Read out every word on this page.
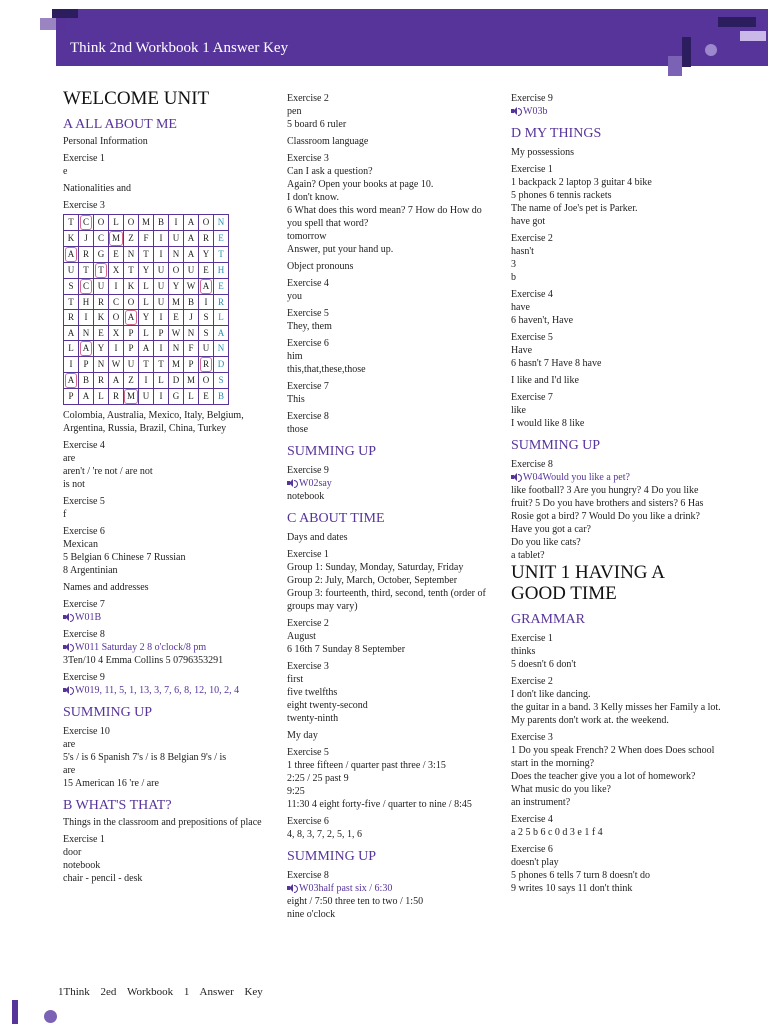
Think 2nd Workbook 1 Answer Key
WELCOME UNIT
A ALL ABOUT ME
Personal Information
Exercise 1
e
Nationalities and
Exercise 3
T	C	O	L	O	M	B	I	A	O	N
K	J	C	M	Z	F	I	U	A	R	E
A	R	G	E	N	T	I	N	A	Y	T
U	T	T	X	T	Y	U	O	U	E	H
S	C	U	I	K	L	U	Y	W	A	E
T	H	R	C	O	L	U	M	B	I	R
R	I	K	O	A	Y	I	E	J	S	L
A	N	E	X	P	L	P	W	N	S	A
L	A	Y	I	P	A	I	N	F	U	N
I	P	N	W	U	T	T	M	P	R	D
A	B	R	A	Z	I	L	D	M	O	S
P	A	L	R	M	U	I	G	L	E	B
Colombia, Australia, Mexico, Italy, Belgium, Argentina, Russia, Brazil, China, Turkey
Exercise 4
are
aren't / 're not / are not
is not
Exercise 5
f
Exercise 6
Mexican
5 Belgian 6 Chinese 7 Russian
8 Argentinian
Names and addresses
Exercise 7
W01B
Exercise 8
W011 Saturday 2 8 o'clock/8 pm
3Ten/10 4 Emma Collins 5 0796353291
Exercise 9
W019, 11, 5, 1, 13, 3, 7, 6, 8, 12, 10, 2, 4
SUMMING UP
Exercise 10
are
5's / is 6 Spanish 7's / is 8 Belgian 9's / is
are
15 American 16 're / are
B WHAT'S THAT?
Things in the classroom and prepositions of place
Exercise 1
door
notebook
chair - pencil - desk
Exercise 2
pen
5 board 6 ruler
Classroom language
Exercise 3
Can I ask a question?
Again? Open your books at page 10.
I don't know.
6 What does this word mean? 7 How do How do you spell that word?
tomorrow
Answer, put your hand up.
Object pronouns
Exercise 4
you
Exercise 5
They, them
Exercise 6
him
this,that,these,those
Exercise 7
This
Exercise 8
those
SUMMING UP
Exercise 9
W02say
notebook
C ABOUT TIME
Days and dates
Exercise 1
Group 1: Sunday, Monday, Saturday, Friday
Group 2: July, March, October, September
Group 3: fourteenth, third, second, tenth (order of groups may vary)
Exercise 2
August
6 16th 7 Sunday 8 September
Exercise 3
first
five twelfths
eight twenty-second
twenty-ninth
My day
Exercise 5
1 three fifteen / quarter past three / 3:15
2:25 / 25 past 9
9:25
11:30 4 eight forty-five / quarter to nine / 8:45
Exercise 6
4, 8, 3, 7, 2, 5, 1, 6
SUMMING UP
Exercise 8
W03half past six / 6:30
eight / 7:50 three ten to two / 1:50
nine o'clock
Exercise 9
W03b
D MY THINGS
My possessions
Exercise 1
1 backpack 2 laptop 3 guitar 4 bike
5 phones 6 tennis rackets
The name of Joe's pet is Parker.
have got
Exercise 2
hasn't
3
b
Exercise 4
have
6 haven't, Have
Exercise 5
Have
6 hasn't 7 Have 8 have
I like and I'd like
Exercise 7
like
I would like 8 like
SUMMING UP
Exercise 8
W04Would you like a pet?
like football? 3 Are you hungry? 4 Do you like fruit? 5 Do you have brothers and sisters? 6 Has Rosie got a bird? 7 Would Do you like a drink? Have you got a car?
Do you like cats?
a tablet?
UNIT 1 HAVING A GOOD TIME
GRAMMAR
Exercise 1
thinks
5 doesn't 6 don't
Exercise 2
I don't like dancing.
the guitar in a band. 3 Kelly misses her Family a lot. My parents don't work at. the weekend.
Exercise 3
1 Do you speak French? 2 When does Does school start in the morning?
Does the teacher give you a lot of homework?
What music do you like?
an instrument?
Exercise 4
a 2 5 b 6 c 0 d 3 e 1 f 4
Exercise 6
doesn't play
5 phones 6 tells 7 turn 8 doesn't do
9 writes 10 says 11 don't think
1Think 2ed Workbook 1 Answer Key
